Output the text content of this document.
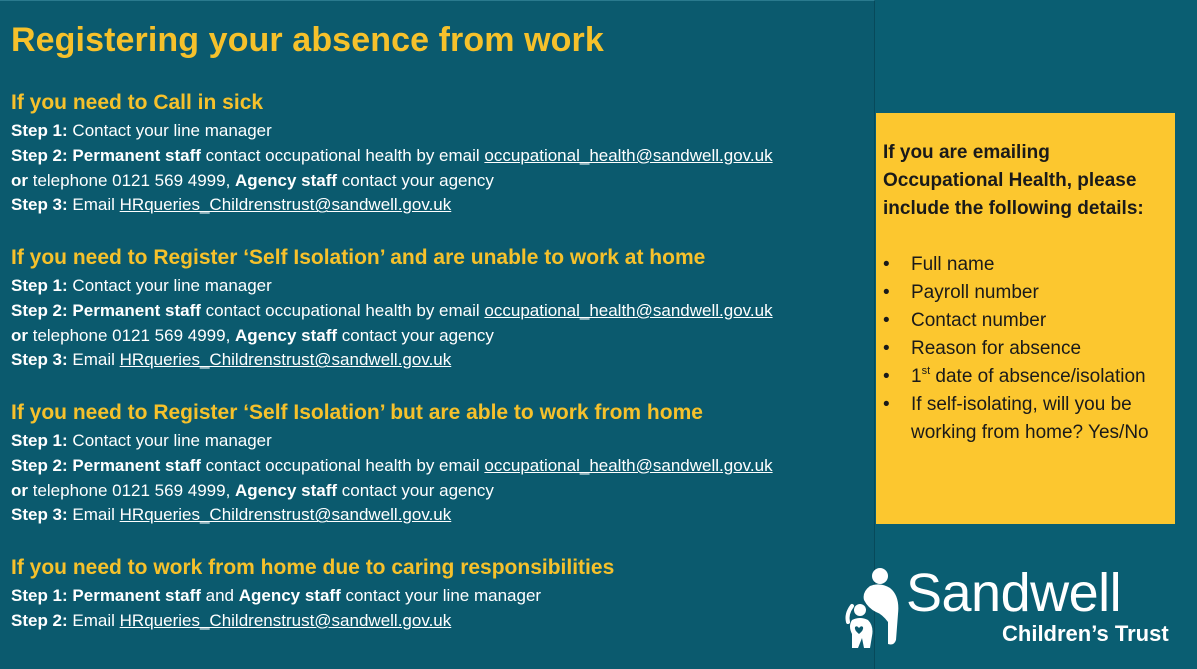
Registering your absence from work
If you need to Call in sick
Step 1: Contact your line manager
Step 2: Permanent staff contact occupational health by email occupational_health@sandwell.gov.uk
or telephone 0121 569 4999, Agency staff contact your agency
Step 3: Email HRqueries_Childrenstrust@sandwell.gov.uk
If you need to Register ‘Self Isolation’ and are unable to work at home
Step 1: Contact your line manager
Step 2: Permanent staff contact occupational health by email occupational_health@sandwell.gov.uk
or telephone 0121 569 4999, Agency staff contact your agency
Step 3: Email HRqueries_Childrenstrust@sandwell.gov.uk
If you need to Register ‘Self Isolation’ but are able to work from home
Step 1: Contact your line manager
Step 2: Permanent staff contact occupational health by email occupational_health@sandwell.gov.uk
or telephone 0121 569 4999, Agency staff contact your agency
Step 3: Email HRqueries_Childrenstrust@sandwell.gov.uk
If you need to work from home due to caring responsibilities
Step 1: Permanent staff and Agency staff contact your line manager
Step 2: Email HRqueries_Childrenstrust@sandwell.gov.uk

If you are emailing Occupational Health, please include the following details:

•	Full name
•	Payroll number
•	Contact number
•	Reason for absence
•	1st date of absence/isolation
•	If self-isolating, will you be working from home? Yes/No
Sandwell
Children’s Trust
